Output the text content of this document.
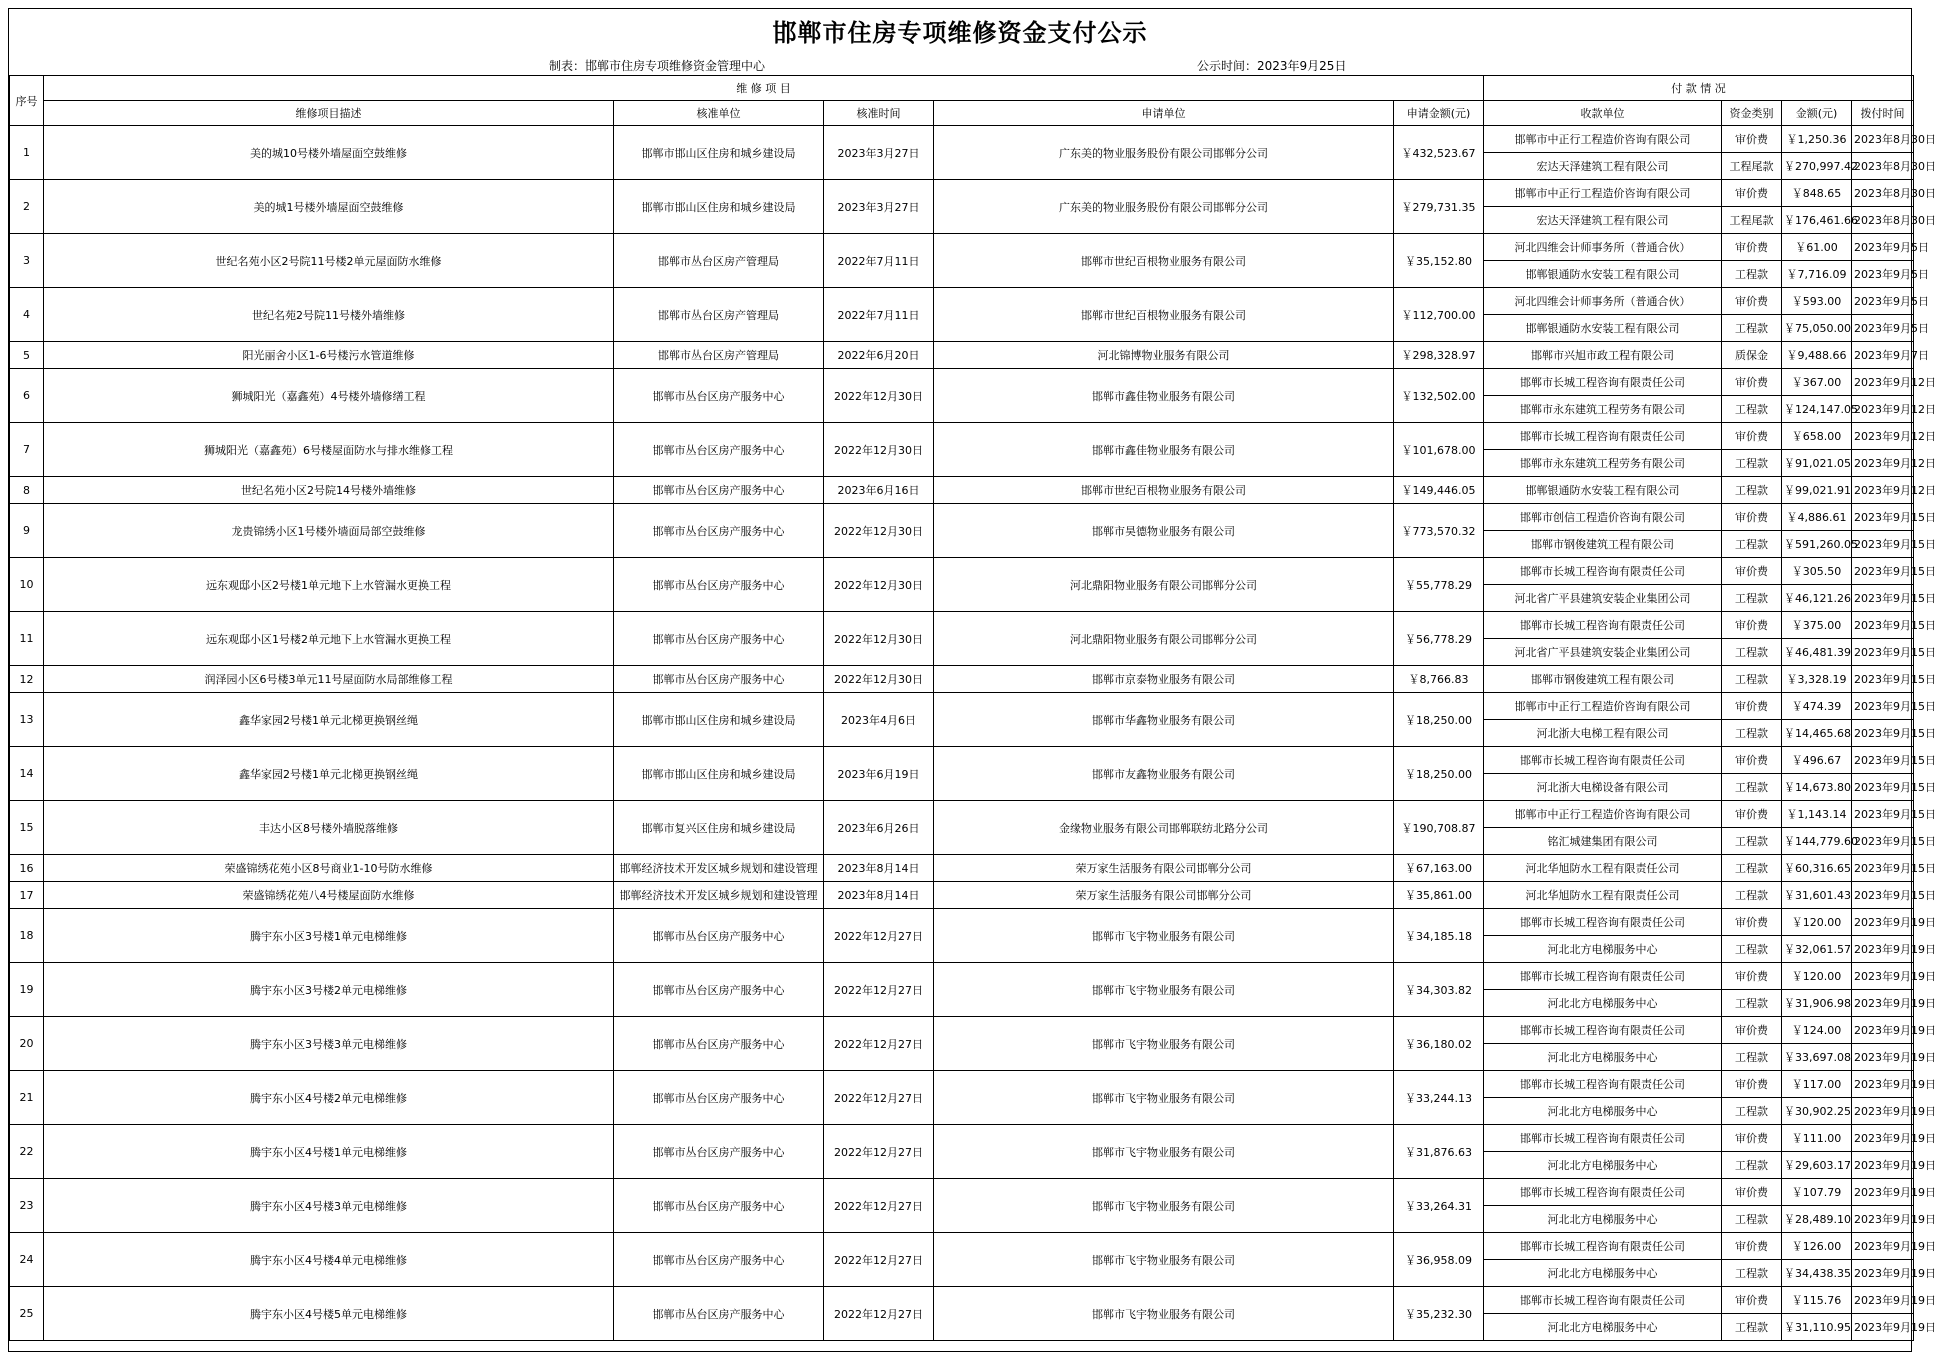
邯郸市住房专项维修资金支付公示
制表：邯郸市住房专项维修资金管理中心	公示时间：2023年9月25日
序号	维 修 项 目					付 款 情 况			
	维修项目描述	核准单位	核准时间	申请单位	申请金额(元)	收款单位	资金类别	金额(元)	拨付时间
1	美的城10号楼外墙屋面空鼓维修	邯郸市邯山区住房和城乡建设局	2023年3月27日	广东美的物业服务股份有限公司邯郸分公司	￥432,523.67	邯郸市中正行工程造价咨询有限公司	审价费	￥1,250.36	2023年8月30日
						宏达天泽建筑工程有限公司	工程尾款	￥270,997.42	2023年8月30日
2	美的城1号楼外墙屋面空鼓维修	邯郸市邯山区住房和城乡建设局	2023年3月27日	广东美的物业服务股份有限公司邯郸分公司	￥279,731.35	邯郸市中正行工程造价咨询有限公司	审价费	￥848.65	2023年8月30日
						宏达天泽建筑工程有限公司	工程尾款	￥176,461.66	2023年8月30日
3	世纪名苑小区2号院11号楼2单元屋面防水维修	邯郸市丛台区房产管理局	2022年7月11日	邯郸市世纪百根物业服务有限公司	￥35,152.80	河北四维会计师事务所（普通合伙）	审价费	￥61.00	2023年9月5日
						邯郸银通防水安装工程有限公司	工程款	￥7,716.09	2023年9月5日
4	世纪名苑2号院11号楼外墙维修	邯郸市丛台区房产管理局	2022年7月11日	邯郸市世纪百根物业服务有限公司	￥112,700.00	河北四维会计师事务所（普通合伙）	审价费	￥593.00	2023年9月5日
						邯郸银通防水安装工程有限公司	工程款	￥75,050.00	2023年9月5日
5	阳光丽舍小区1-6号楼污水管道维修	邯郸市丛台区房产管理局	2022年6月20日	河北锦博物业服务有限公司	￥298,328.97	邯郸市兴旭市政工程有限公司	质保金	￥9,488.66	2023年9月7日
6	狮城阳光（嘉鑫苑）4号楼外墙修缮工程	邯郸市丛台区房产服务中心	2022年12月30日	邯郸市鑫佳物业服务有限公司	￥132,502.00	邯郸市长城工程咨询有限责任公司	审价费	￥367.00	2023年9月12日
						邯郸市永东建筑工程劳务有限公司	工程款	￥124,147.05	2023年9月12日
7	狮城阳光（嘉鑫苑）6号楼屋面防水与排水维修工程	邯郸市丛台区房产服务中心	2022年12月30日	邯郸市鑫佳物业服务有限公司	￥101,678.00	邯郸市长城工程咨询有限责任公司	审价费	￥658.00	2023年9月12日
						邯郸市永东建筑工程劳务有限公司	工程款	￥91,021.05	2023年9月12日
8	世纪名苑小区2号院14号楼外墙维修	邯郸市丛台区房产服务中心	2023年6月16日	邯郸市世纪百根物业服务有限公司	￥149,446.05	邯郸银通防水安装工程有限公司	工程款	￥99,021.91	2023年9月12日
9	龙贵锦绣小区1号楼外墙面局部空鼓维修	邯郸市丛台区房产服务中心	2022年12月30日	邯郸市昊德物业服务有限公司	￥773,570.32	邯郸市创信工程造价咨询有限公司	审价费	￥4,886.61	2023年9月15日
						邯郸市钢俊建筑工程有限公司	工程款	￥591,260.05	2023年9月15日
10	远东观邸小区2号楼1单元地下上水管漏水更换工程	邯郸市丛台区房产服务中心	2022年12月30日	河北鼎阳物业服务有限公司邯郸分公司	￥55,778.29	邯郸市长城工程咨询有限责任公司	审价费	￥305.50	2023年9月15日
						河北省广平县建筑安装企业集团公司	工程款	￥46,121.26	2023年9月15日
11	远东观邸小区1号楼2单元地下上水管漏水更换工程	邯郸市丛台区房产服务中心	2022年12月30日	河北鼎阳物业服务有限公司邯郸分公司	￥56,778.29	邯郸市长城工程咨询有限责任公司	审价费	￥375.00	2023年9月15日
						河北省广平县建筑安装企业集团公司	工程款	￥46,481.39	2023年9月15日
12	润泽园小区6号楼3单元11号屋面防水局部维修工程	邯郸市丛台区房产服务中心	2022年12月30日	邯郸市京泰物业服务有限公司	￥8,766.83	邯郸市钢俊建筑工程有限公司	工程款	￥3,328.19	2023年9月15日
13	鑫华家园2号楼1单元北梯更换钢丝绳	邯郸市邯山区住房和城乡建设局	2023年4月6日	邯郸市华鑫物业服务有限公司	￥18,250.00	邯郸市中正行工程造价咨询有限公司	审价费	￥474.39	2023年9月15日
						河北浙大电梯工程有限公司	工程款	￥14,465.68	2023年9月15日
14	鑫华家园2号楼1单元北梯更换钢丝绳	邯郸市邯山区住房和城乡建设局	2023年6月19日	邯郸市友鑫物业服务有限公司	￥18,250.00	邯郸市长城工程咨询有限责任公司	审价费	￥496.67	2023年9月15日
						河北浙大电梯设备有限公司	工程款	￥14,673.80	2023年9月15日
15	丰达小区8号楼外墙脱落维修	邯郸市复兴区住房和城乡建设局	2023年6月26日	金缘物业服务有限公司邯郸联纺北路分公司	￥190,708.87	邯郸市中正行工程造价咨询有限公司	审价费	￥1,143.14	2023年9月15日
						铭汇城建集团有限公司	工程款	￥144,779.60	2023年9月15日
16	荣盛锦绣花苑小区8号商业1-10号防水维修	邯郸经济技术开发区城乡规划和建设管理	2023年8月14日	荣万家生活服务有限公司邯郸分公司	￥67,163.00	河北华旭防水工程有限责任公司	工程款	￥60,316.65	2023年9月15日
17	荣盛锦绣花苑八4号楼屋面防水维修	邯郸经济技术开发区城乡规划和建设管理	2023年8月14日	荣万家生活服务有限公司邯郸分公司	￥35,861.00	河北华旭防水工程有限责任公司	工程款	￥31,601.43	2023年9月15日
18	腾宇东小区3号楼1单元电梯维修	邯郸市丛台区房产服务中心	2022年12月27日	邯郸市飞宇物业服务有限公司	￥34,185.18	邯郸市长城工程咨询有限责任公司	审价费	￥120.00	2023年9月19日
						河北北方电梯服务中心	工程款	￥32,061.57	2023年9月19日
19	腾宇东小区3号楼2单元电梯维修	邯郸市丛台区房产服务中心	2022年12月27日	邯郸市飞宇物业服务有限公司	￥34,303.82	邯郸市长城工程咨询有限责任公司	审价费	￥120.00	2023年9月19日
						河北北方电梯服务中心	工程款	￥31,906.98	2023年9月19日
20	腾宇东小区3号楼3单元电梯维修	邯郸市丛台区房产服务中心	2022年12月27日	邯郸市飞宇物业服务有限公司	￥36,180.02	邯郸市长城工程咨询有限责任公司	审价费	￥124.00	2023年9月19日
						河北北方电梯服务中心	工程款	￥33,697.08	2023年9月19日
21	腾宇东小区4号楼2单元电梯维修	邯郸市丛台区房产服务中心	2022年12月27日	邯郸市飞宇物业服务有限公司	￥33,244.13	邯郸市长城工程咨询有限责任公司	审价费	￥117.00	2023年9月19日
						河北北方电梯服务中心	工程款	￥30,902.25	2023年9月19日
22	腾宇东小区4号楼1单元电梯维修	邯郸市丛台区房产服务中心	2022年12月27日	邯郸市飞宇物业服务有限公司	￥31,876.63	邯郸市长城工程咨询有限责任公司	审价费	￥111.00	2023年9月19日
						河北北方电梯服务中心	工程款	￥29,603.17	2023年9月19日
23	腾宇东小区4号楼3单元电梯维修	邯郸市丛台区房产服务中心	2022年12月27日	邯郸市飞宇物业服务有限公司	￥33,264.31	邯郸市长城工程咨询有限责任公司	审价费	￥107.79	2023年9月19日
						河北北方电梯服务中心	工程款	￥28,489.10	2023年9月19日
24	腾宇东小区4号楼4单元电梯维修	邯郸市丛台区房产服务中心	2022年12月27日	邯郸市飞宇物业服务有限公司	￥36,958.09	邯郸市长城工程咨询有限责任公司	审价费	￥126.00	2023年9月19日
						河北北方电梯服务中心	工程款	￥34,438.35	2023年9月19日
25	腾宇东小区4号楼5单元电梯维修	邯郸市丛台区房产服务中心	2022年12月27日	邯郸市飞宇物业服务有限公司	￥35,232.30	邯郸市长城工程咨询有限责任公司	审价费	￥115.76	2023年9月19日
						河北北方电梯服务中心	工程款	￥31,110.95	2023年9月19日
